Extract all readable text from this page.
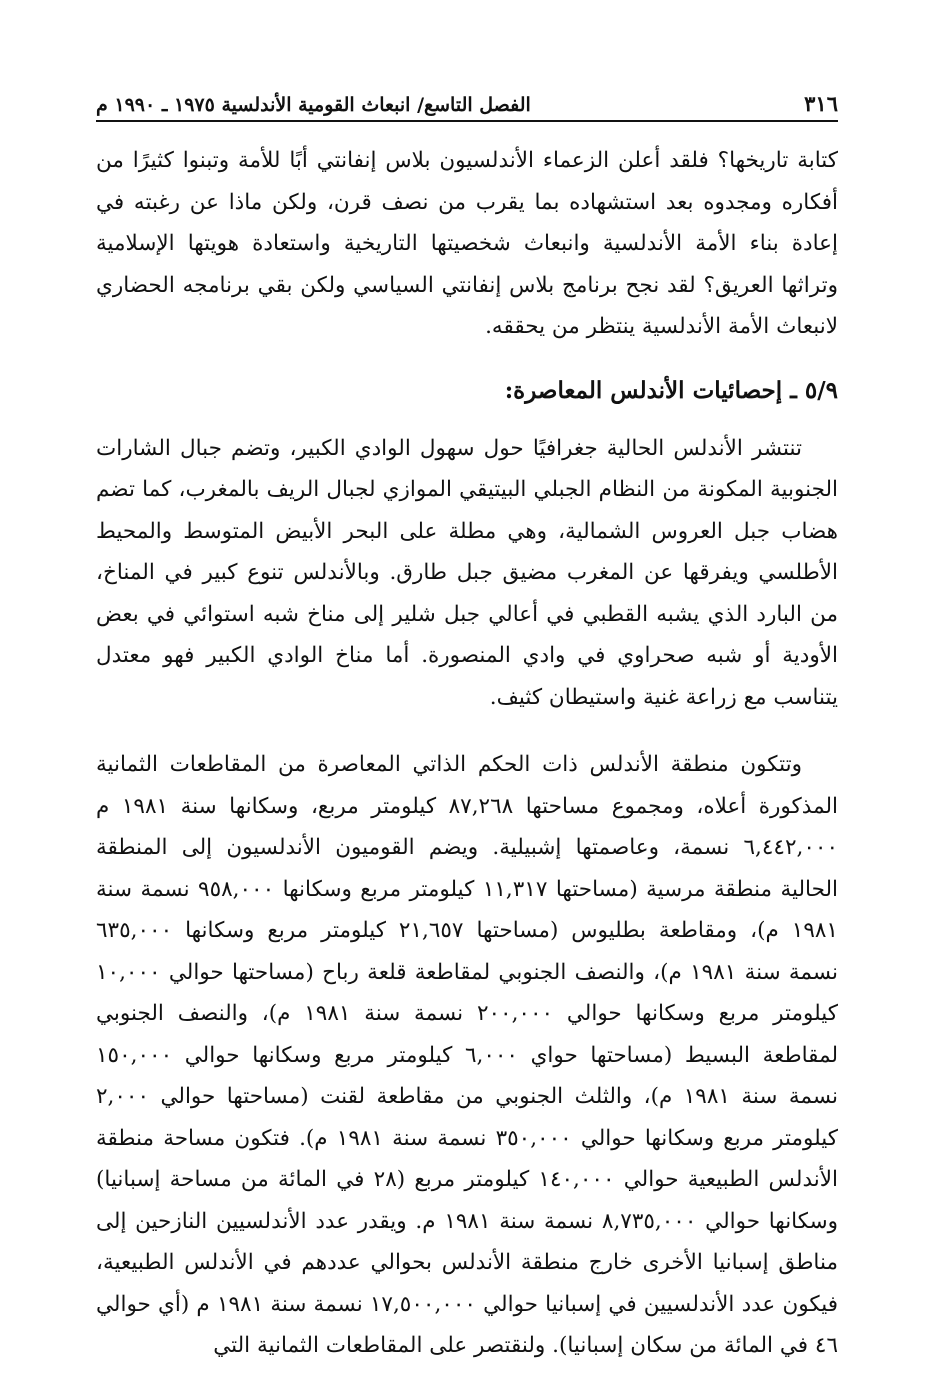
٣١٦
الفصل التاسع/ انبعاث القومية الأندلسية ١٩٧٥ ـ ١٩٩٠ م

كتابة تاريخها؟ فلقد أعلن الزعماء الأندلسيون بلاس إنفانتي أبًا للأمة وتبنوا كثيرًا من أفكاره ومجدوه بعد استشهاده بما يقرب من نصف قرن، ولكن ماذا عن رغبته في إعادة بناء الأمة الأندلسية وانبعاث شخصيتها التاريخية واستعادة هويتها الإسلامية وتراثها العريق؟ لقد نجح برنامج بلاس إنفانتي السياسي ولكن بقي برنامجه الحضاري لانبعاث الأمة الأندلسية ينتظر من يحققه.

٥/٩ ـ إحصائيات الأندلس المعاصرة:

تنتشر الأندلس الحالية جغرافيًا حول سهول الوادي الكبير، وتضم جبال الشارات الجنوبية المكونة من النظام الجبلي البيتيقي الموازي لجبال الريف بالمغرب، كما تضم هضاب جبل العروس الشمالية، وهي مطلة على البحر الأبيض المتوسط والمحيط الأطلسي ويفرقها عن المغرب مضيق جبل طارق. وبالأندلس تنوع كبير في المناخ، من البارد الذي يشبه القطبي في أعالي جبل شلير إلى مناخ شبه استوائي في بعض الأودية أو شبه صحراوي في وادي المنصورة. أما مناخ الوادي الكبير فهو معتدل يتناسب مع زراعة غنية واستيطان كثيف.

وتتكون منطقة الأندلس ذات الحكم الذاتي المعاصرة من المقاطعات الثمانية المذكورة أعلاه، ومجموع مساحتها ٨٧,٢٦٨ كيلومتر مربع، وسكانها سنة ١٩٨١ م ٦,٤٤٢,٠٠٠ نسمة، وعاصمتها إشبيلية. ويضم القوميون الأندلسيون إلى المنطقة الحالية منطقة مرسية (مساحتها ١١,٣١٧ كيلومتر مربع وسكانها ٩٥٨,٠٠٠ نسمة سنة ١٩٨١ م)، ومقاطعة بطليوس (مساحتها ٢١,٦٥٧ كيلومتر مربع وسكانها ٦٣٥,٠٠٠ نسمة سنة ١٩٨١ م)، والنصف الجنوبي لمقاطعة قلعة رباح (مساحتها حوالي ١٠,٠٠٠ كيلومتر مربع وسكانها حوالي ٢٠٠,٠٠٠ نسمة سنة ١٩٨١ م)، والنصف الجنوبي لمقاطعة البسيط (مساحتها حواي ٦,٠٠٠ كيلومتر مربع وسكانها حوالي ١٥٠,٠٠٠ نسمة سنة ١٩٨١ م)، والثلث الجنوبي من مقاطعة لقنت (مساحتها حوالي ٢,٠٠٠ كيلومتر مربع وسكانها حوالي ٣٥٠,٠٠٠ نسمة سنة ١٩٨١ م). فتكون مساحة منطقة الأندلس الطبيعية حوالي ١٤٠,٠٠٠ كيلومتر مربع (٢٨ في المائة من مساحة إسبانيا) وسكانها حوالي ٨,٧٣٥,٠٠٠ نسمة سنة ١٩٨١ م. ويقدر عدد الأندلسيين النازحين إلى مناطق إسبانيا الأخرى خارج منطقة الأندلس بحوالي عددهم في الأندلس الطبيعية، فيكون عدد الأندلسيين في إسبانيا حوالي ١٧,٥٠٠,٠٠٠ نسمة سنة ١٩٨١ م (أي حوالي ٤٦ في المائة من سكان إسبانيا). ولنقتصر على المقاطعات الثمانية التي
